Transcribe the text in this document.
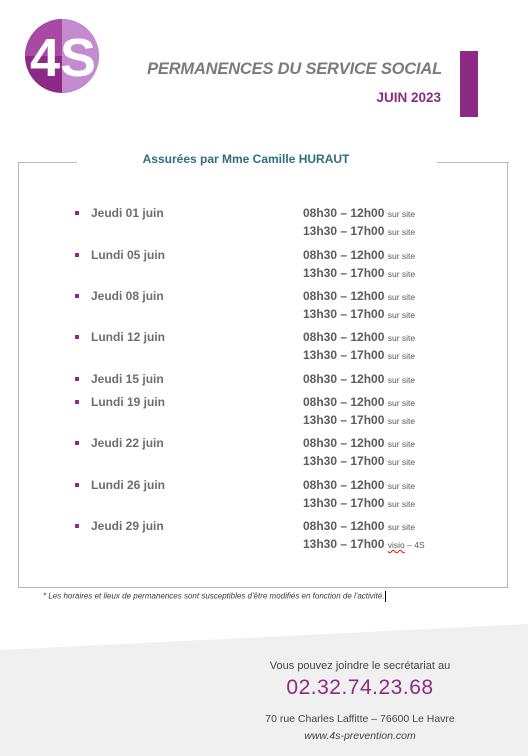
4S	PERMANENCES DU SERVICE SOCIAL
JUIN 2023
Assurées par Mme Camille HURAUT
Jeudi 01 juin	08h30 – 12h00 sur site
13h30 – 17h00 sur site
Lundi 05 juin	08h30 – 12h00 sur site
13h30 – 17h00 sur site
Jeudi 08 juin	08h30 – 12h00 sur site
13h30 – 17h00 sur site
Lundi 12 juin	08h30 – 12h00 sur site
13h30 – 17h00 sur site
Jeudi 15 juin	08h30 – 12h00 sur site
Lundi 19 juin	08h30 – 12h00 sur site
13h30 – 17h00 sur site
Jeudi 22 juin	08h30 – 12h00 sur site
13h30 – 17h00 sur site
Lundi 26 juin	08h30 – 12h00 sur site
13h30 – 17h00 sur site
Jeudi 29 juin	08h30 – 12h00 sur site
13h30 – 17h00 visio – 4S
* Les horaires et lieux de permanences sont susceptibles d'être modifiés en fonction de l'activité.
Vous pouvez joindre le secrétariat au
02.32.74.23.68
70 rue Charles Laffitte – 76600 Le Havre
www.4s-prevention.com
